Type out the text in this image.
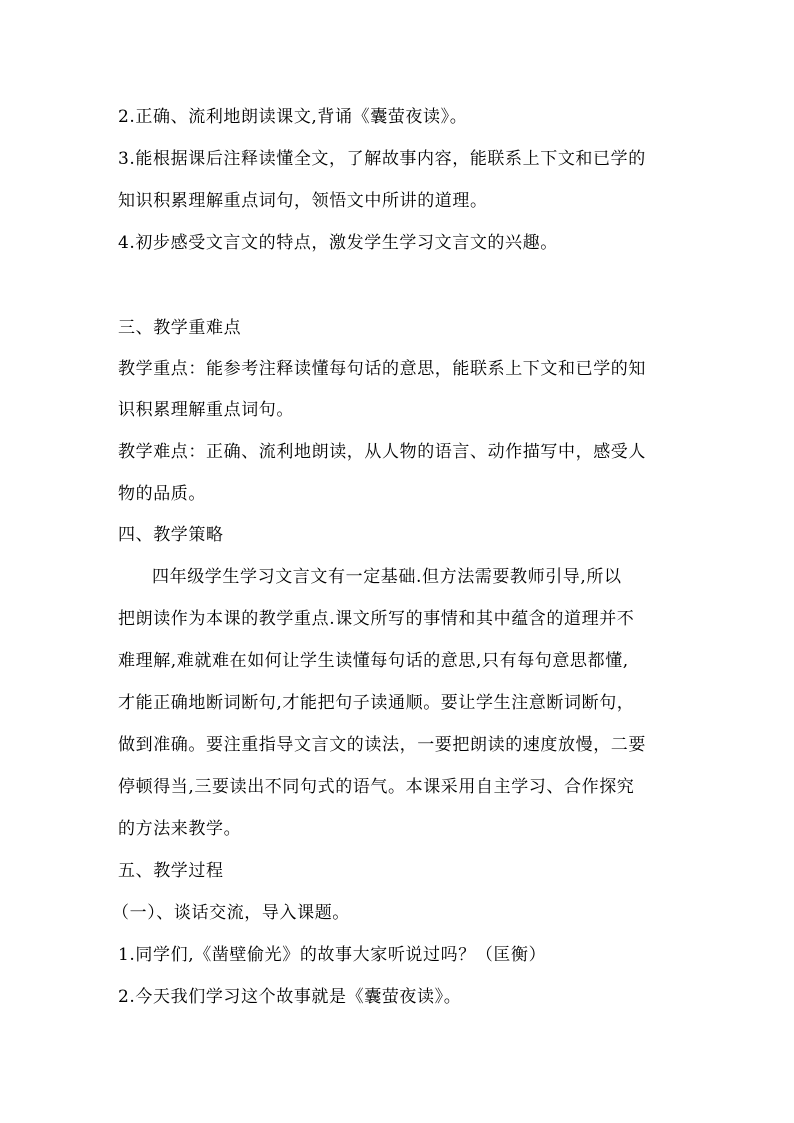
2.正确、流利地朗读课文,背诵《囊萤夜读》。
3.能根据课后注释读懂全文，了解故事内容，能联系上下文和已学的
知识积累理解重点词句，领悟文中所讲的道理。
4.初步感受文言文的特点，激发学生学习文言文的兴趣。
三、教学重难点
教学重点：能参考注释读懂每句话的意思，能联系上下文和已学的知
识积累理解重点词句。
教学难点：正确、流利地朗读，从人物的语言、动作描写中，感受人
物的品质。
四、教学策略
四年级学生学习文言文有一定基础.但方法需要教师引导,所以
把朗读作为本课的教学重点.课文所写的事情和其中蕴含的道理并不
难理解,难就难在如何让学生读懂每句话的意思,只有每句意思都懂,
才能正确地断词断句,才能把句子读通顺。要让学生注意断词断句，
做到准确。要注重指导文言文的读法，一要把朗读的速度放慢，二要
停顿得当,三要读出不同句式的语气。本课采用自主学习、合作探究
的方法来教学。
五、教学过程
（一）、谈话交流，导入课题。
1.同学们,《凿壁偷光》的故事大家听说过吗？（匡衡）
2.今天我们学习这个故事就是《囊萤夜读》。
